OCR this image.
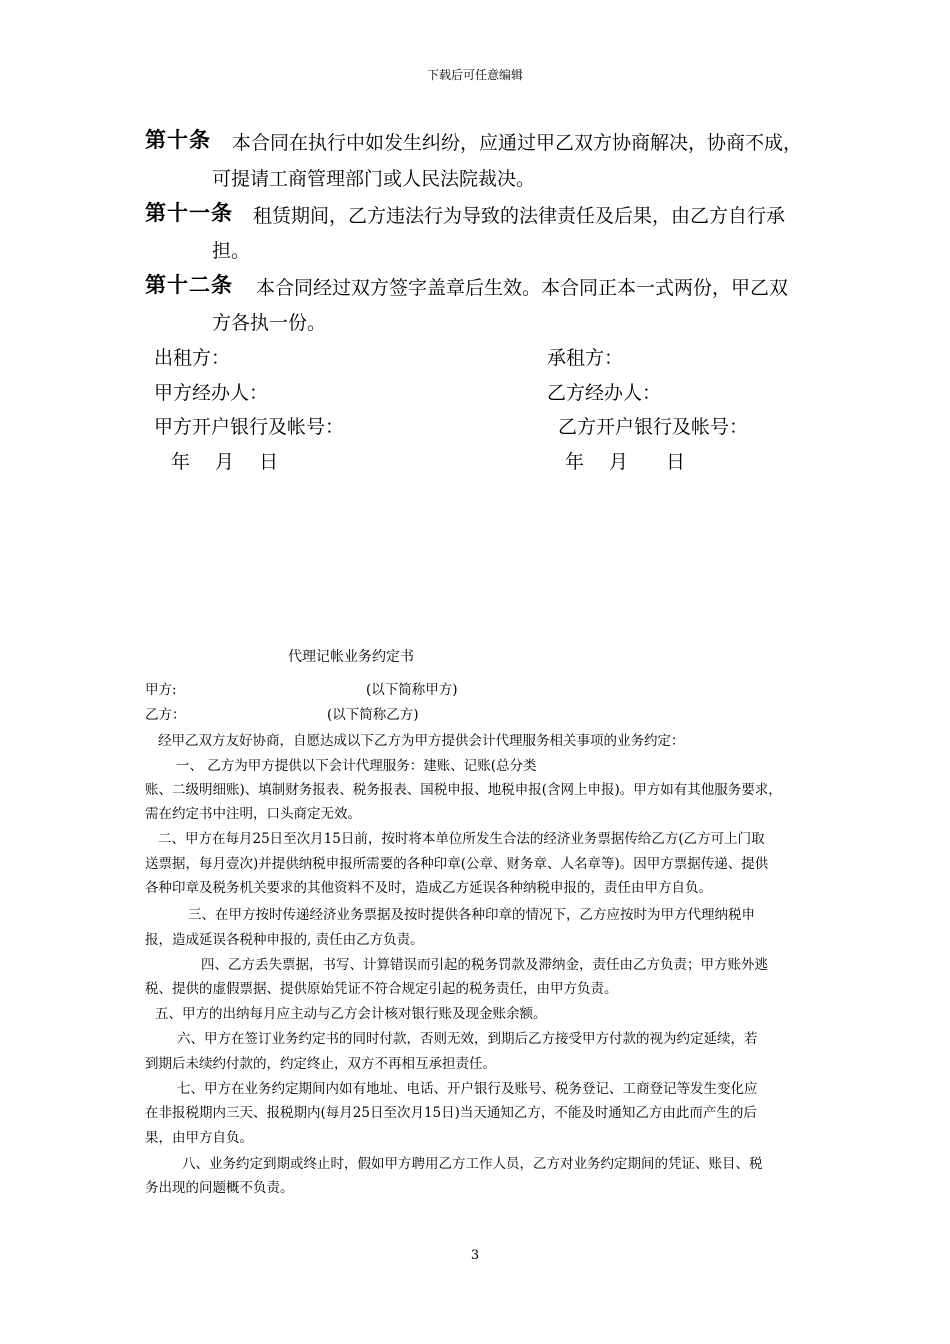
下载后可任意编辑
第十条 本合同在执行中如发生纠纷，应通过甲乙双方协商解决，协商不成，
可提请工商管理部门或人民法院裁决。
第十一条 租赁期间，乙方违法行为导致的法律责任及后果，由乙方自行承
担。
第十二条 本合同经过双方签字盖章后生效。本合同正本一式两份，甲乙双
方各执一份。
出租方：
甲方经办人：
甲方开户银行及帐号：
年　 月　 日
承租方：
乙方经办人：
乙方开户银行及帐号：
年　 月　　日
代理记帐业务约定书
甲方:	(以下简称甲方)
乙方：	(以下简称乙方)
经甲乙双方友好协商，自愿达成以下乙方为甲方提供会计代理服务相关事项的业务约定：
一、 乙方为甲方提供以下会计代理服务：建账、记账(总分类
账、二级明细账)、填制财务报表、税务报表、国税申报、地税申报(含网上申报)。甲方如有其他服务要求，
需在约定书中注明，口头商定无效。
二、甲方在每月25日至次月15日前，按时将本单位所发生合法的经济业务票据传给乙方(乙方可上门取
送票据，每月壹次)并提供纳税申报所需要的各种印章(公章、财务章、人名章等)。因甲方票据传递、提供
各种印章及税务机关要求的其他资料不及时，造成乙方延误各种纳税申报的，责任由甲方自负。
三、在甲方按时传递经济业务票据及按时提供各种印章的情况下，乙方应按时为甲方代理纳税申
报，造成延误各税种申报的, 责任由乙方负责。
四、乙方丢失票据，书写、计算错误而引起的税务罚款及滞纳金，责任由乙方负责；甲方账外逃
税、提供的虚假票据、提供原始凭证不符合规定引起的税务责任，由甲方负责。
五、甲方的出纳每月应主动与乙方会计核对银行账及现金账余额。
六、甲方在签订业务约定书的同时付款，否则无效，到期后乙方接受甲方付款的视为约定延续，若
到期后未续约付款的，约定终止，双方不再相互承担责任。
七、甲方在业务约定期间内如有地址、电话、开户银行及账号、税务登记、工商登记等发生变化应
在非报税期内三天、报税期内(每月25日至次月15日)当天通知乙方，不能及时通知乙方由此而产生的后
果，由甲方自负。
八、业务约定到期或终止时，假如甲方聘用乙方工作人员，乙方对业务约定期间的凭证、账目、税
务出现的问题概不负责。
3
